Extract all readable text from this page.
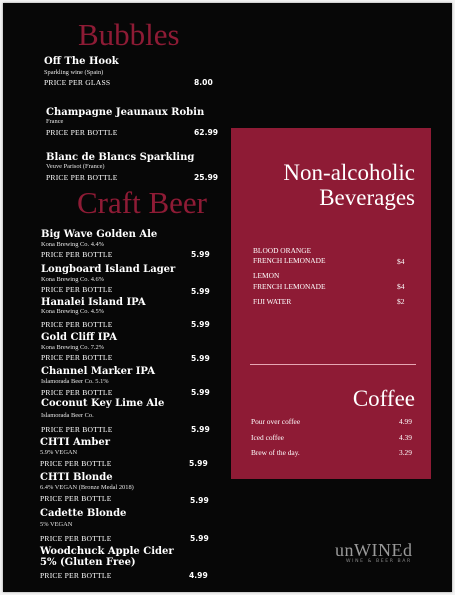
Bubbles
Off The Hook
Sparkling wine (Spain)
PRICE PER GLASS	8.00
Champagne Jeaunaux Robin
France
PRICE PER BOTTLE	62.99
Blanc de Blancs Sparkling
Veuve Parisot (France)
PRICE PER BOTTLE	25.99
Craft Beer
Big Wave Golden Ale
Kona Brewing Co. 4.4%
PRICE PER BOTTLE	5.99
Longboard Island Lager
Kona Brewing Co. 4.6%
PRICE PER BOTTLE	5.99
Hanalei Island IPA
Kona Brewing Co. 4.5%
PRICE PER BOTTLE	5.99
Gold Cliff IPA
Kona Brewing Co. 7.2%
PRICE PER BOTTLE	5.99
Channel Marker IPA
Islamorada Beer Co. 5.1%
PRICE PER BOTTLE	5.99
Coconut Key Lime Ale
Islamorada Beer Co.
PRICE PER BOTTLE	5.99
CHTI Amber
5.9% VEGAN
PRICE PER BOTTLE	5.99
CHTI Blonde
6.4% VEGAN (Bronze Medal 2018)
PRICE PER BOTTLE	5.99
Cadette Blonde
5% VEGAN
PRICE PER BOTTLE	5.99
Woodchuck Apple Cider
5% (Gluten Free)
PRICE PER BOTTLE	4.99
Non-alcoholic
Beverages
BLOOD ORANGE
FRENCH LEMONADE	$4
LEMON
FRENCH LEMONADE	$4
FIJI WATER	$2
Coffee
Pour over coffee	4.99
Iced coffee	4.39
Brew of the day.	3.29
unWINEd
WINE & BEER BAR
